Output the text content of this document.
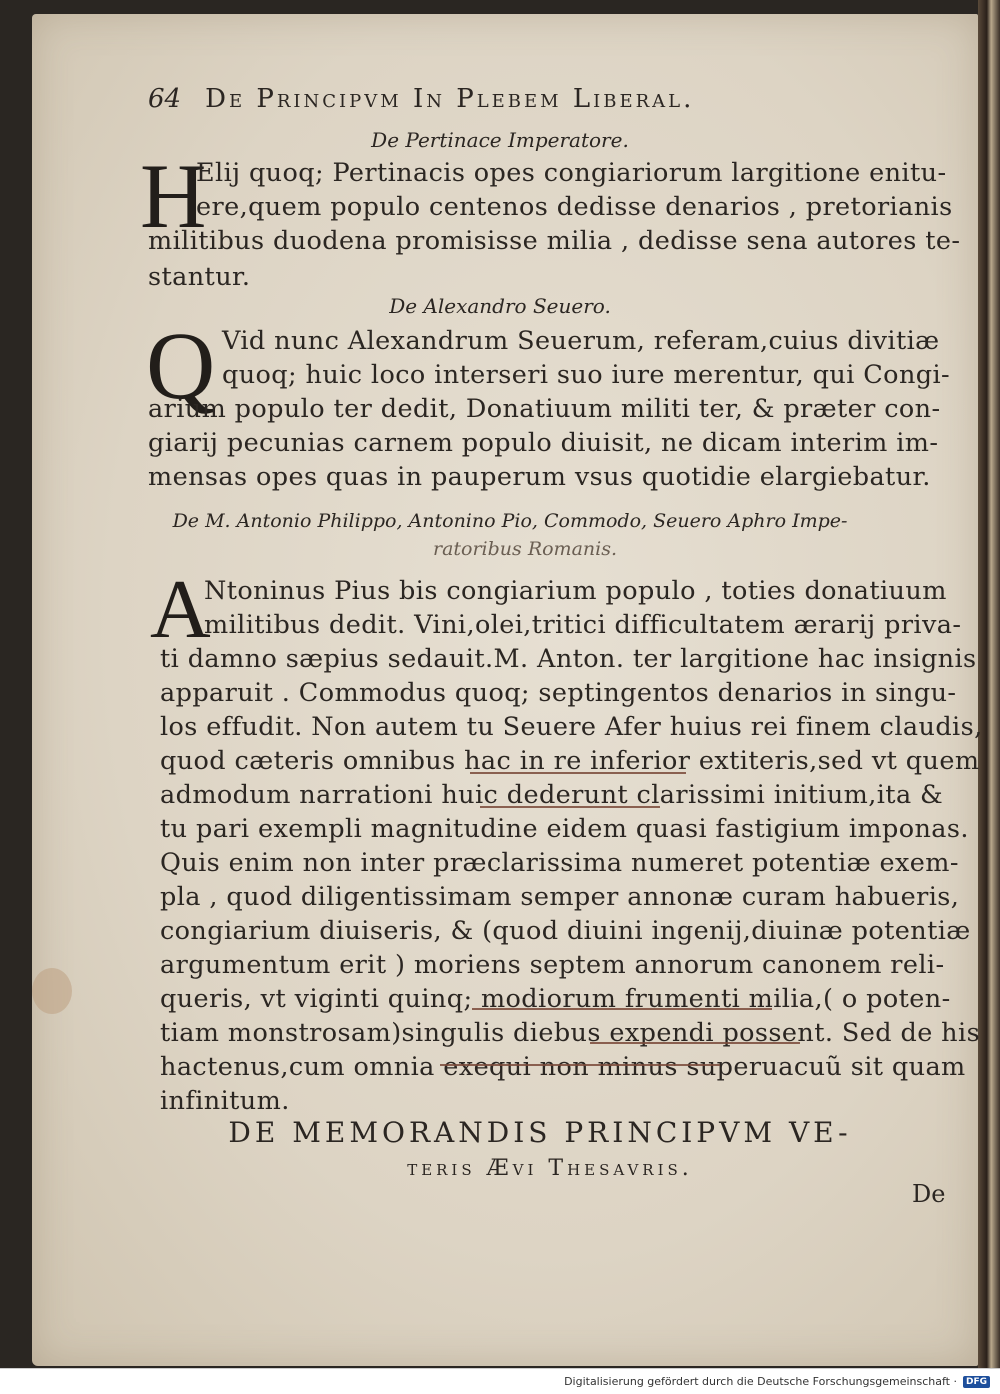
64 De Principvm In Plebem Liberal.
De Pertinace Imperatore.
H
Elij quoq; Pertinacis opes congiariorum largitione enitu-
ere,quem populo centenos dedisse denarios , pretorianis
militibus duodena promisisse milia , dedisse sena autores te-
stantur.
De Alexandro Seuero.
Q Vid nunc Alexandrum Seuerum, referam,cuius divitiæ
quoq; huic loco interseri suo iure merentur, qui Congi-
arium populo ter dedit, Donatiuum militi ter, & præter con-
giarij pecunias carnem populo diuisit, ne dicam interim im-
mensas opes quas in pauperum vsus quotidie elargiebatur.
De M. Antonio Philippo, Antonino Pio, Commodo, Seuero Aphro Impe-
ratoribus Romanis.
A
Ntoninus Pius bis congiarium populo , toties donatiuum
militibus dedit. Vini,olei,tritici difficultatem ærarij priva-
ti damno sæpius sedauit.M. Anton. ter largitione hac insignis
apparuit . Commodus quoq; septingentos denarios in singu-
los effudit. Non autem tu Seuere Afer huius rei finem claudis,
quod cæteris omnibus hac in re inferior extiteris,sed vt quem
admodum narrationi huic dederunt clarissimi initium,ita &
tu pari exempli magnitudine eidem quasi fastigium imponas.
Quis enim non inter præclarissima numeret potentiæ exem-
pla , quod diligentissimam semper annonæ curam habueris,
congiarium diuiseris, & (quod diuini ingenij,diuinæ potentiæ
argumentum erit ) moriens septem annorum canonem reli-
queris, vt viginti quinq; modiorum frumenti milia,( o poten-
tiam monstrosam)singulis diebus expendi possent. Sed de his
hactenus,cum omnia exequi non minus superuacuũ sit quam
infinitum.
DE MEMORANDIS PRINCIPVM VE-
teris Ævi Thesavris.
De
Digitalisierung gefördert durch die Deutsche Forschungsgemeinschaft ·	DFG
